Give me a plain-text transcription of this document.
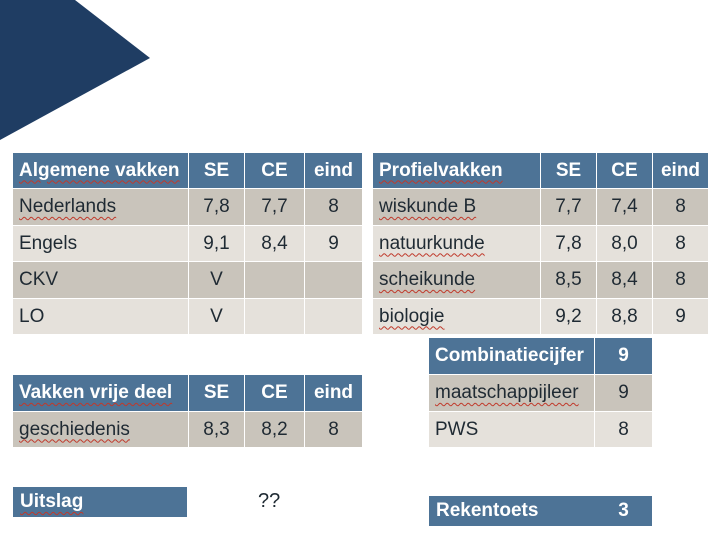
Algemene vakken	SE	CE	eind
Nederlands	7,8	7,7	8
Engels	9,1	8,4	9
CKV	V		
LO	V		
Profielvakken	SE	CE	eind
wiskunde B	7,7	7,4	8
natuurkunde	7,8	8,0	8
scheikunde	8,5	8,4	8
biologie	9,2	8,8	9
Combinatiecijfer	9
maatschappijleer	9
PWS	8
Vakken vrije deel	SE	CE	eind
geschiedenis	8,3	8,2	8
Uitslag	??	Rekentoets	3
